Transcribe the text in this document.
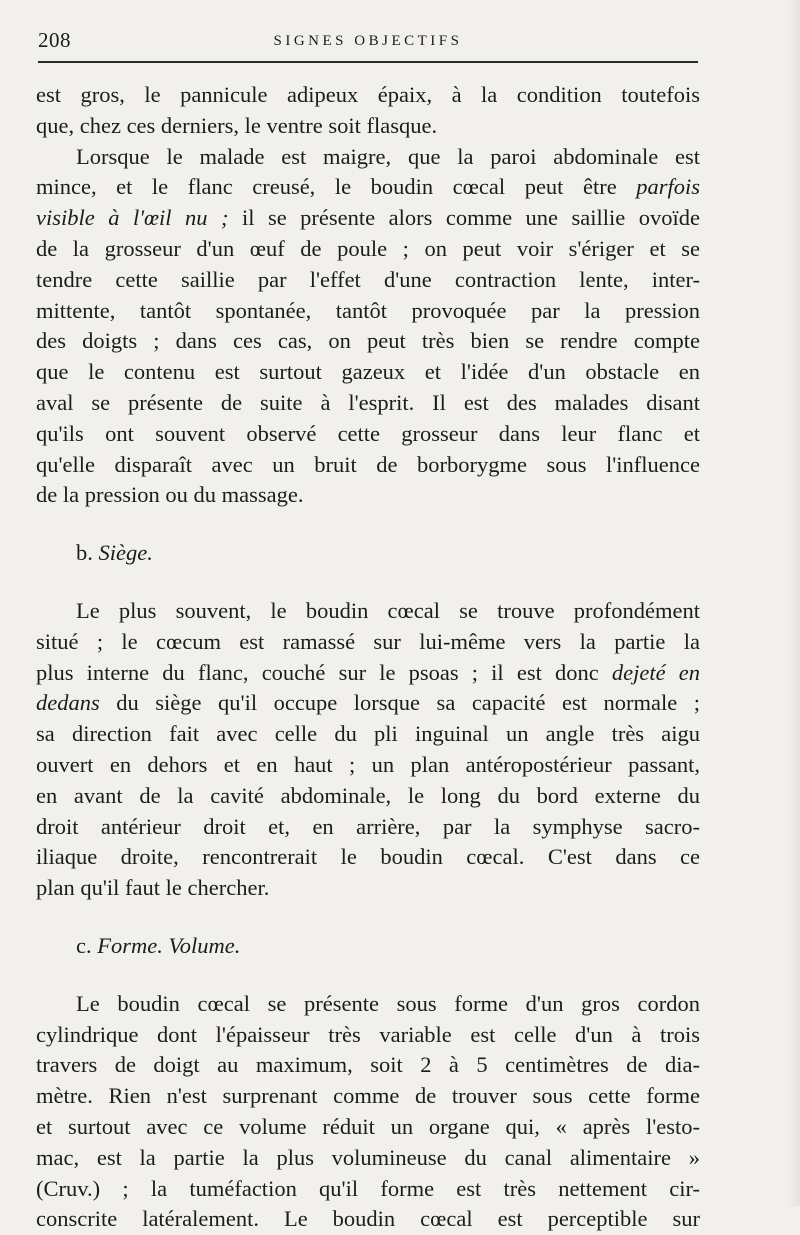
208	SIGNES OBJECTIFS
est gros, le pannicule adipeux épaix, à la condition toutefois
que, chez ces derniers, le ventre soit flasque.
Lorsque le malade est maigre, que la paroi abdominale est
mince, et le flanc creusé, le boudin cœcal peut être parfois
visible à l'œil nu ; il se présente alors comme une saillie ovoïde
de la grosseur d'un œuf de poule ; on peut voir s'ériger et se
tendre cette saillie par l'effet d'une contraction lente, inter-
mittente, tantôt spontanée, tantôt provoquée par la pression
des doigts ; dans ces cas, on peut très bien se rendre compte
que le contenu est surtout gazeux et l'idée d'un obstacle en
aval se présente de suite à l'esprit. Il est des malades disant
qu'ils ont souvent observé cette grosseur dans leur flanc et
qu'elle disparaît avec un bruit de borborygme sous l'influence
de la pression ou du massage.
b. Siège.
Le plus souvent, le boudin cœcal se trouve profondément
situé ; le cœcum est ramassé sur lui-même vers la partie la
plus interne du flanc, couché sur le psoas ; il est donc dejeté en
dedans du siège qu'il occupe lorsque sa capacité est normale ;
sa direction fait avec celle du pli inguinal un angle très aigu
ouvert en dehors et en haut ; un plan antéropostérieur passant,
en avant de la cavité abdominale, le long du bord externe du
droit antérieur droit et, en arrière, par la symphyse sacro-
iliaque droite, rencontrerait le boudin cœcal. C'est dans ce
plan qu'il faut le chercher.
c. Forme. Volume.
Le boudin cœcal se présente sous forme d'un gros cordon
cylindrique dont l'épaisseur très variable est celle d'un à trois
travers de doigt au maximum, soit 2 à 5 centimètres de dia-
mètre. Rien n'est surprenant comme de trouver sous cette forme
et surtout avec ce volume réduit un organe qui, « après l'esto-
mac, est la partie la plus volumineuse du canal alimentaire »
(Cruv.) ; la tuméfaction qu'il forme est très nettement cir-
conscrite latéralement. Le boudin cœcal est perceptible sur
